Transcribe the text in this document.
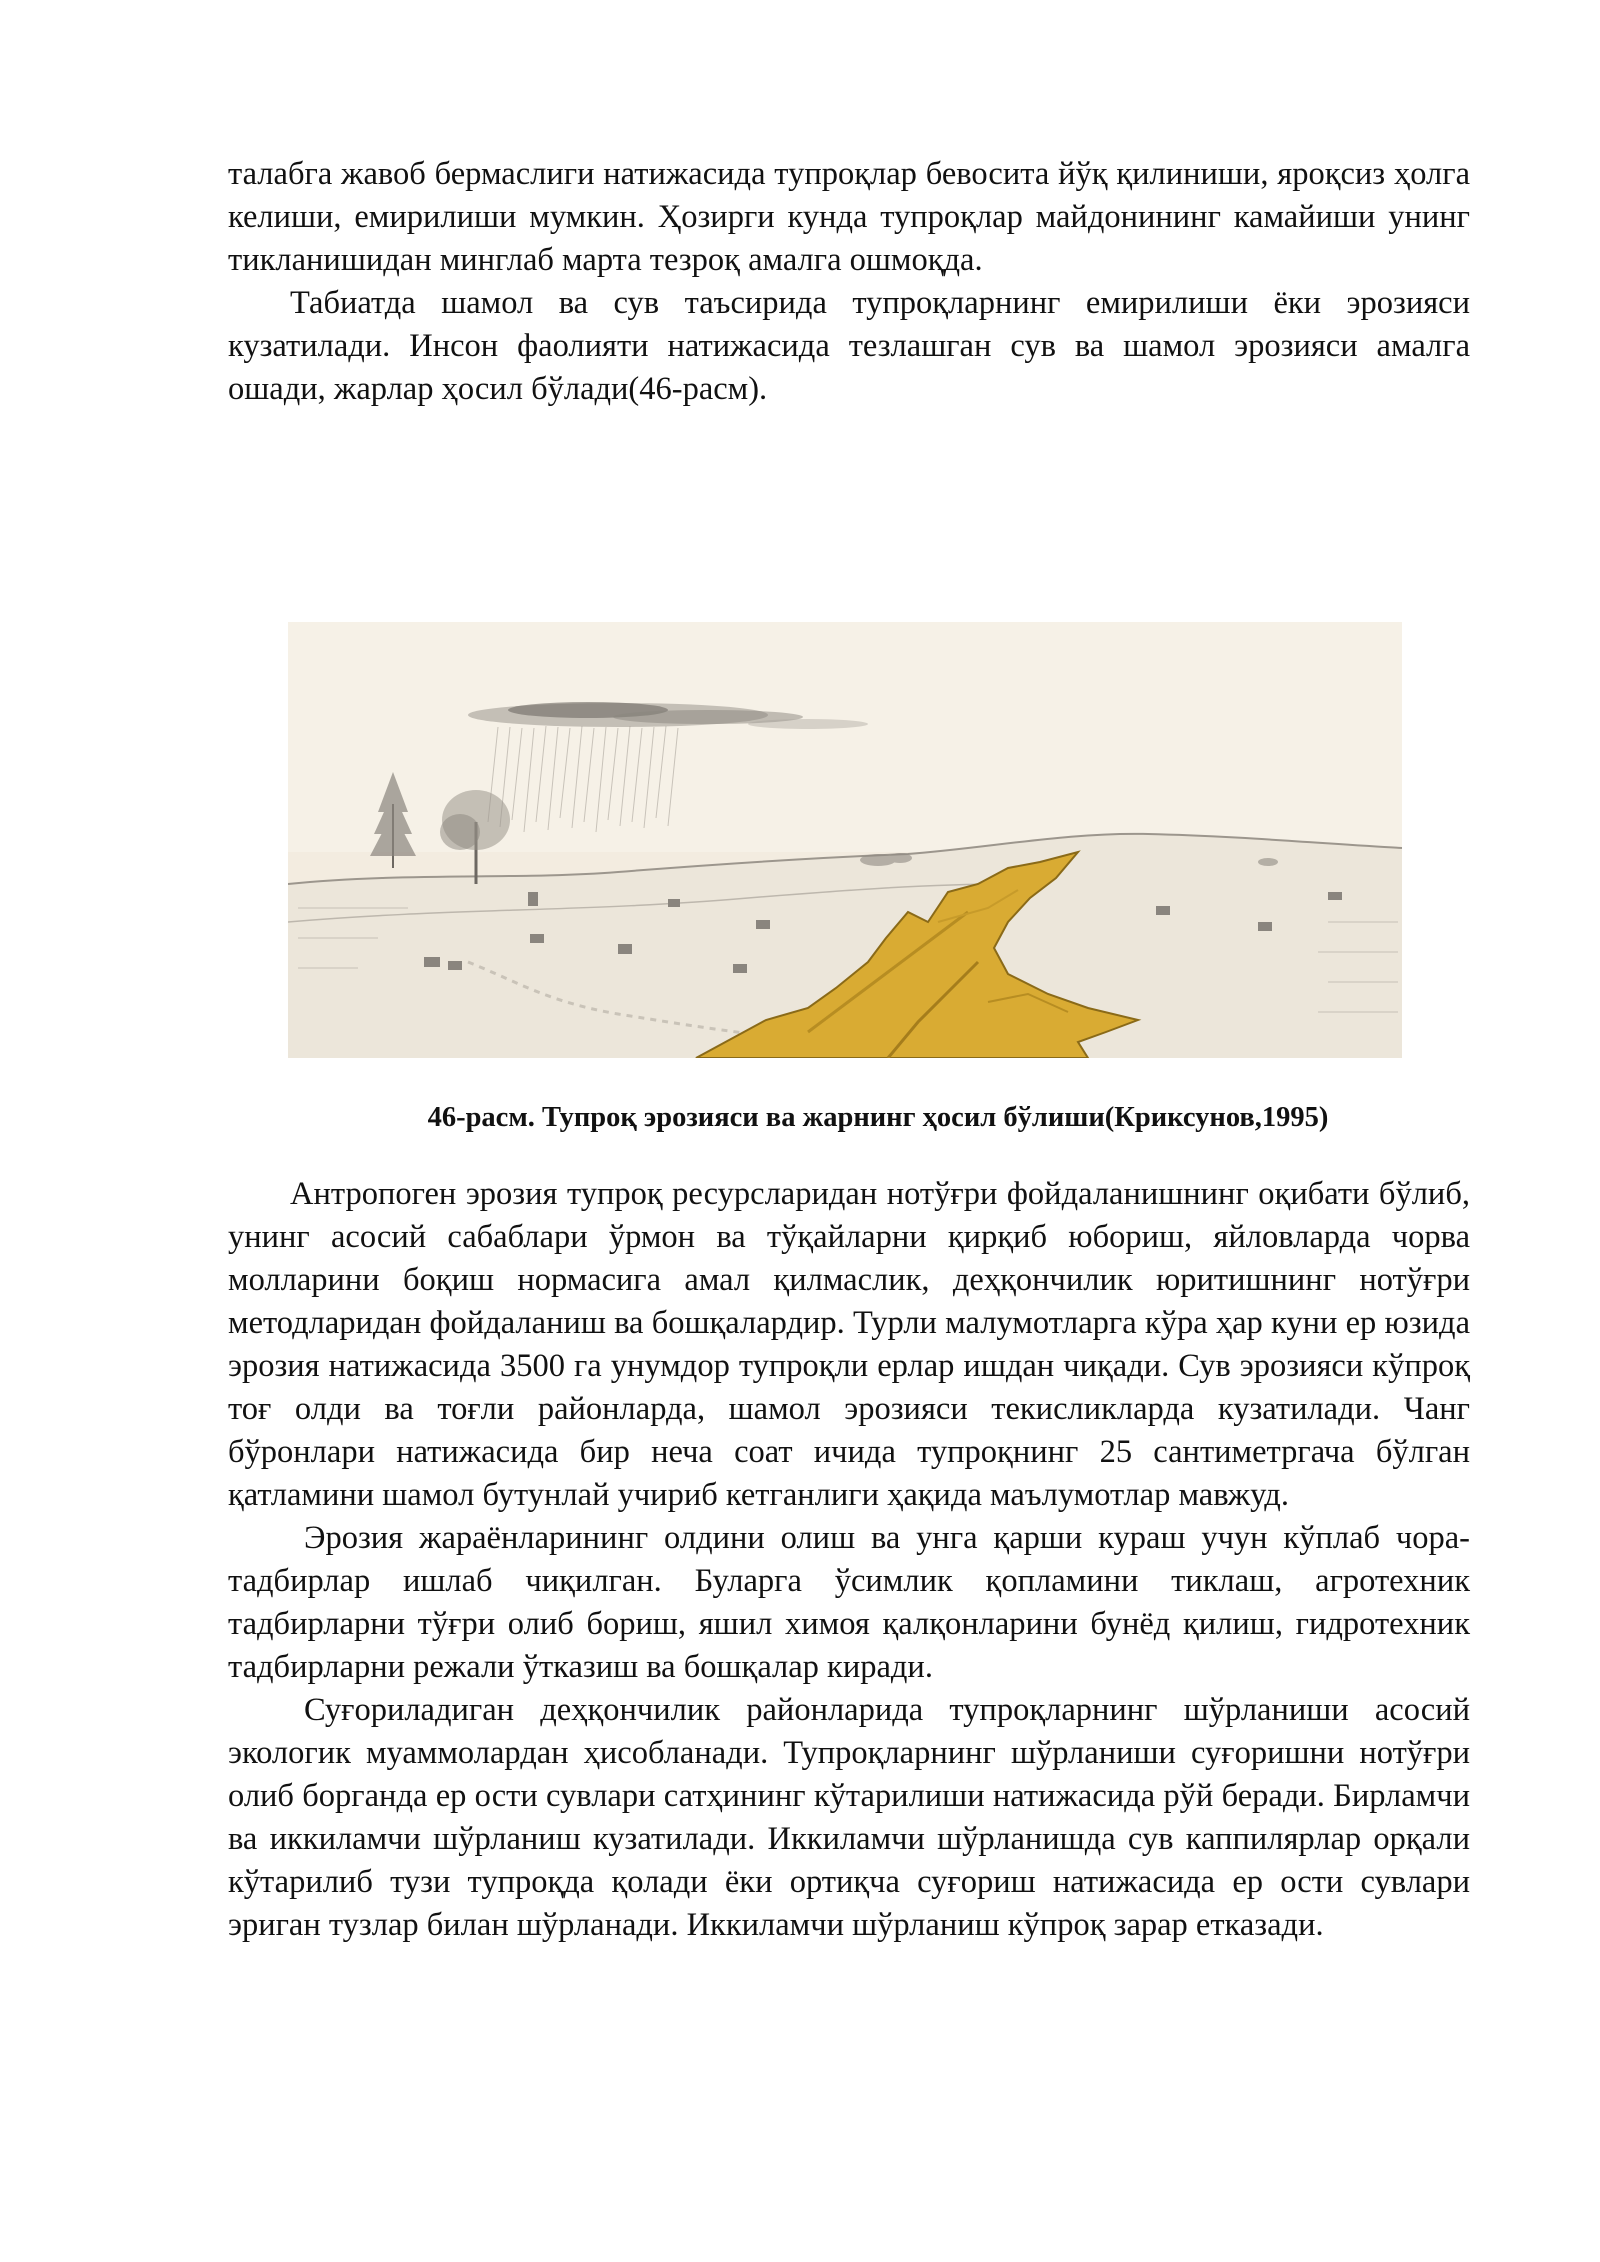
талабга жавоб бермаслиги натижасида тупроқлар бевосита йўқ қилиниши, яроқсиз ҳолга келиши, емирилиши мумкин. Ҳозирги кунда тупроқлар майдонининг камайиши унинг тикланишидан минглаб марта тезроқ амалга ошмоқда.

Табиатда шамол ва сув таъсирида тупроқларнинг емирилиши ёки эрозияси кузатилади. Инсон фаолияти натижасида тезлашган сув ва шамол эрозияси амалга ошади, жарлар ҳосил бўлади(46-расм).

46-расм. Тупроқ эрозияси ва жарнинг ҳосил бўлиши(Криксунов,1995)

Антропоген эрозия тупроқ ресурсларидан нотўғри фойдаланишнинг оқибати бўлиб, унинг асосий сабаблари ўрмон ва тўқайларни қирқиб юбориш, яйловларда чорва молларини боқиш нормасига амал қилмаслик, деҳқончилик юритишнинг нотўғри методларидан фойдаланиш ва бошқалардир. Турли малумотларга кўра ҳар куни ер юзида эрозия натижасида 3500 га унумдор тупроқли ерлар ишдан чиқади. Сув эрозияси кўпроқ тоғ олди ва тоғли районларда, шамол эрозияси текисликларда кузатилади. Чанг бўронлари натижасида бир неча соат ичида тупроқнинг 25 сантиметргача бўлган қатламини шамол бутунлай учириб кетганлиги ҳақида маълумотлар мавжуд.

Эрозия жараёнларининг олдини олиш ва унга қарши кураш учун кўплаб чора-тадбирлар ишлаб чиқилган. Буларга ўсимлик қопламини тиклаш, агротехник тадбирларни тўғри олиб бориш, яшил химоя қалқонларини бунёд қилиш, гидротехник тадбирларни режали ўтказиш ва бошқалар киради.

Суғориладиган деҳқончилик районларида тупроқларнинг шўрланиши асосий экологик муаммолардан ҳисобланади. Тупроқларнинг шўрланиши суғоришни нотўғри олиб борганда ер ости сувлари сатҳининг кўтарилиши натижасида рўй беради. Бирламчи ва иккиламчи шўрланиш кузатилади. Иккиламчи шўрланишда сув каппилярлар орқали кўтарилиб тузи тупроқда қолади ёки ортиқча суғориш натижасида ер ости сувлари эриган тузлар билан шўрланади. Иккиламчи шўрланиш кўпроқ зарар етказади.
